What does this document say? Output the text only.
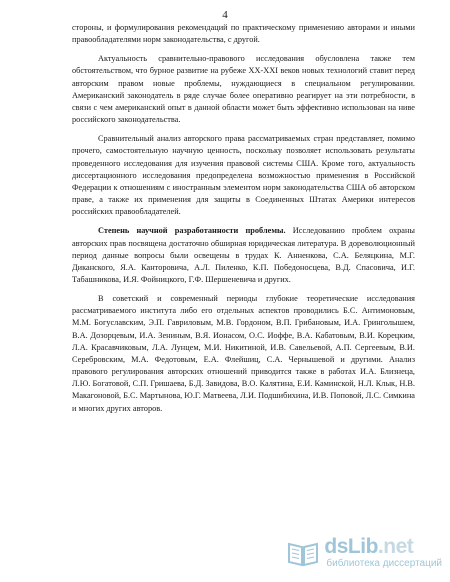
4

стороны, и формулирования рекомендаций по практическому применению авторами и иными правообладателями норм законодательства, с другой.

Актуальность сравнительно-правового исследования обусловлена также тем обстоятельством, что бурное развитие на рубеже XX-XXI веков новых технологий ставит перед авторским правом новые проблемы, нуждающиеся в специальном регулировании. Американский законодатель в ряде случае более оперативно реагирует на эти потребности, в связи с чем американский опыт в данной области может быть эффективно использован на ниве российского законодательства.

Сравнительный анализ авторского права рассматриваемых стран представляет, помимо прочего, самостоятельную научную ценность, поскольку позволяет использовать результаты проведенного исследования для изучения правовой системы США. Кроме того, актуальность диссертационного исследования предопределена возможностью применения в Российской Федерации к отношениям с иностранным элементом норм законодательства США об авторском праве, а также их применения для защиты в Соединенных Штатах Америки интересов российских правообладателей.

Степень научной разработанности проблемы. Исследованию проблем охраны авторских прав посвящена достаточно обширная юридическая литература. В дореволюционный период данные вопросы были освещены в трудах К. Анненкова, С.А. Беляцкина, М.Г. Диканского, Я.А. Канторовича, А.Л. Пиленко, К.П. Победоносцева, В.Д. Спасовича, И.Г. Табашникова, И.Я. Фойницкого, Г.Ф. Шершеневича и других.

В советский и современный периоды глубокие теоретические исследования рассматриваемого института либо его отдельных аспектов проводились Б.С. Антимоновым, М.М. Богуславским, Э.П. Гавриловым, М.В. Гордоном, В.П. Грибановым, И.А. Гринголышем, В.А. Дозорцевым, И.А. Зениным, В.Я. Ионасом, О.С. Иоффе, В.А. Кабатовым, В.И. Корецким, Л.А. Красавчиковым, Л.А. Лунцем, М.И. Никитиной, И.В. Савельевой, А.П. Сергеевым, В.И. Серебровским, М.А. Федотовым, Е.А. Флейшиц, С.А. Чернышевой и другими. Анализ правового регулирования авторских отношений приводится также в работах И.А. Близнеца, Л.Ю. Богатовой, С.П. Гришаева, Б.Д. Завидова, В.О. Калятина, Е.И. Каминской, Н.Л. Клык, Н.В. Макагоновой, Б.С. Мартынова, Ю.Г. Матвеева, Л.И. Подшибихина, И.В. Поповой, Л.С. Симкина и многих других авторов.

dsLib.net
библиотека диссертаций
